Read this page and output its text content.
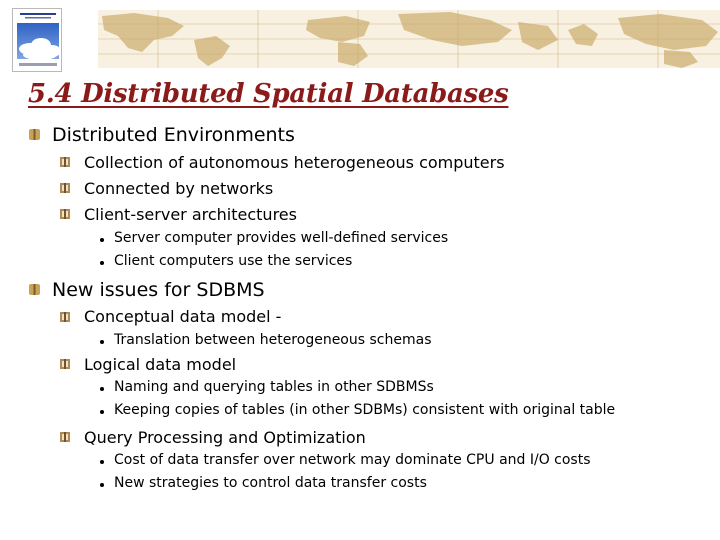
5.4 Distributed Spatial Databases
Distributed Environments
Collection of autonomous heterogeneous computers
Connected by networks
Client-server architectures
Server computer provides well-defined services
Client computers use the services
New issues for SDBMS
Conceptual data model -
Translation between heterogeneous schemas
Logical data model
Naming and querying tables in other SDBMSs
Keeping copies of tables (in other SDBMs) consistent with original table
Query Processing and Optimization
Cost of data transfer over network may dominate CPU and I/O costs
New strategies to control data transfer costs
